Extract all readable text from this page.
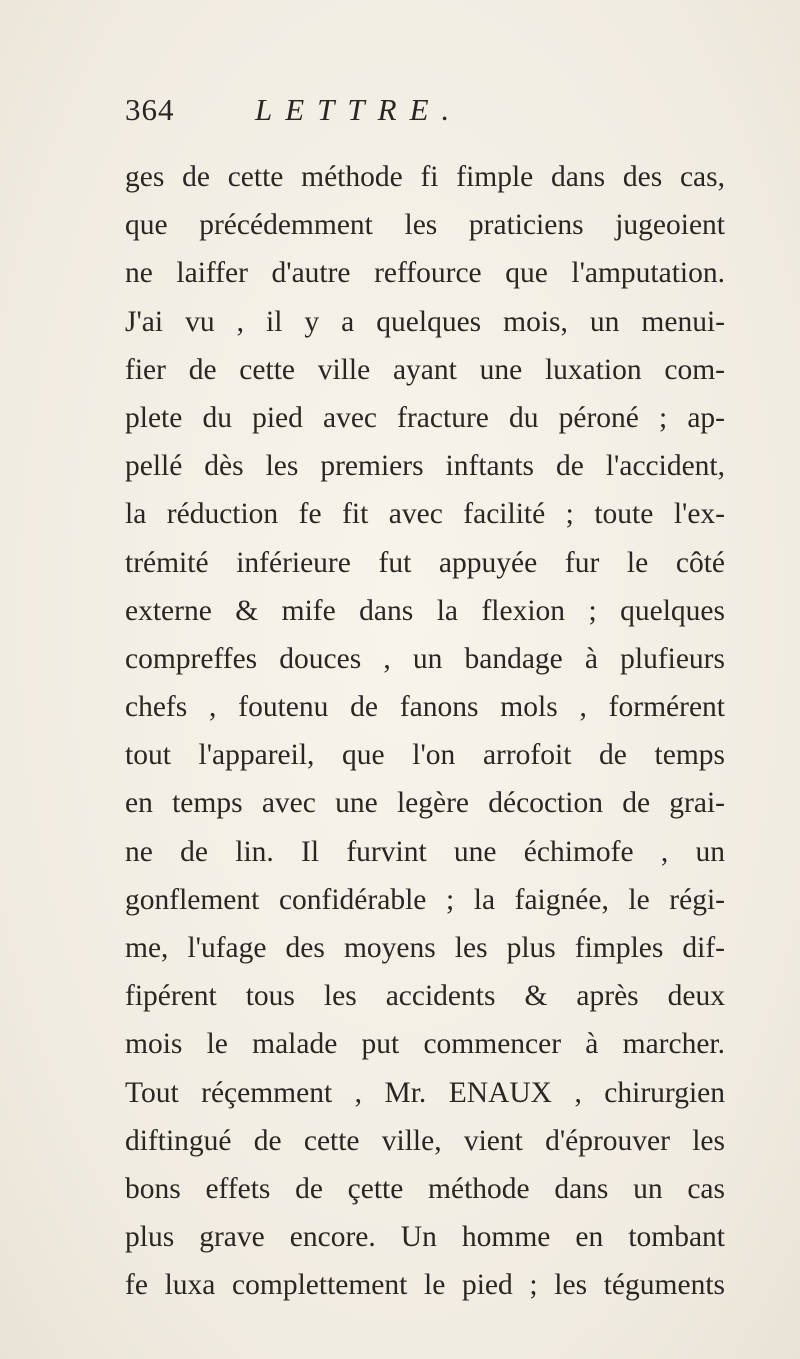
364	LETTRE.
ges de cette méthode fi fimple dans des cas,
que précédemment les praticiens jugeoient
ne laiffer d'autre reffource que l'amputation.
J'ai vu , il y a quelques mois, un menui-
fier de cette ville ayant une luxation com-
plete du pied avec fracture du péroné ; ap-
pellé dès les premiers inftants de l'accident,
la réduction fe fit avec facilité ; toute l'ex-
trémité inférieure fut appuyée fur le côté
externe & mife dans la flexion ; quelques
compreffes douces , un bandage à plufieurs
chefs , foutenu de fanons mols , formérent
tout l'appareil, que l'on arrofoit de temps
en temps avec une legère décoction de grai-
ne de lin. Il furvint une échimofe , un
gonflement confidérable ; la faignée, le régi-
me, l'ufage des moyens les plus fimples dif-
fipérent tous les accidents & après deux
mois le malade put commencer à marcher.
Tout réçemment , Mr. ENAUX , chirurgien
diftingué de cette ville, vient d'éprouver les
bons effets de çette méthode dans un cas
plus grave encore. Un homme en tombant
fe luxa complettement le pied ; les téguments
